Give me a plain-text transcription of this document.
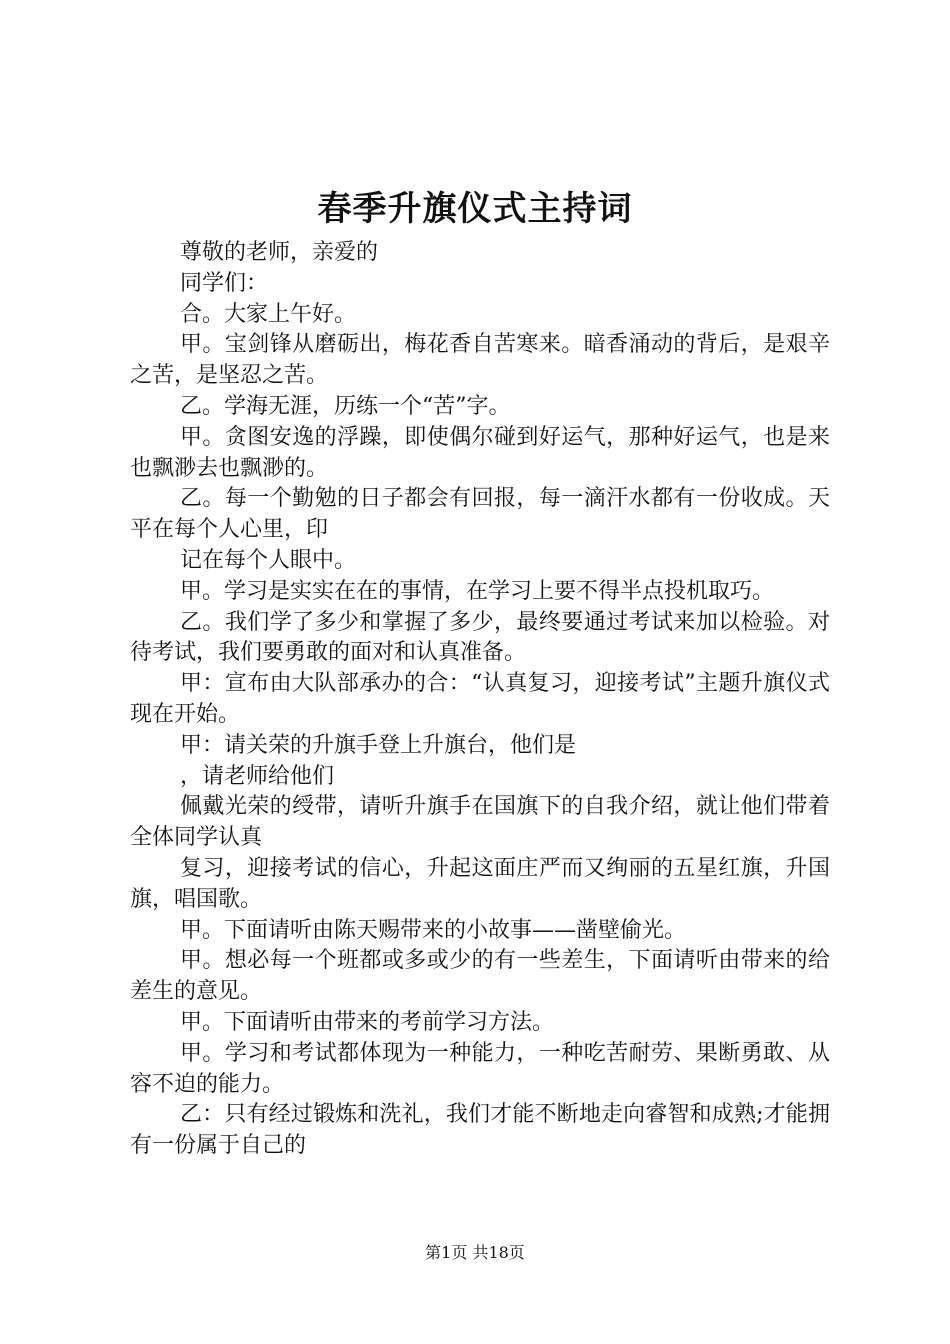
春季升旗仪式主持词

尊敬的老师，亲爱的

同学们：

合。大家上午好。

甲。宝剑锋从磨砺出，梅花香自苦寒来。暗香涌动的背后，是艰辛之苦，是坚忍之苦。

乙。学海无涯，历练一个“苦”字。

甲。贪图安逸的浮躁，即使偶尔碰到好运气，那种好运气，也是来也飘渺去也飘渺的。

乙。每一个勤勉的日子都会有回报，每一滴汗水都有一份收成。天平在每个人心里，印

记在每个人眼中。

甲。学习是实实在在的事情，在学习上要不得半点投机取巧。

乙。我们学了多少和掌握了多少，最终要通过考试来加以检验。对待考试，我们要勇敢的面对和认真准备。

甲：宣布由大队部承办的合：“认真复习，迎接考试”主题升旗仪式现在开始。

甲：请关荣的升旗手登上升旗台，他们是

，请老师给他们

佩戴光荣的绶带，请听升旗手在国旗下的自我介绍，就让他们带着全体同学认真

复习，迎接考试的信心，升起这面庄严而又绚丽的五星红旗，升国旗，唱国歌。

甲。下面请听由陈天赐带来的小故事——凿壁偷光。

甲。想必每一个班都或多或少的有一些差生，下面请听由带来的给差生的意见。

甲。下面请听由带来的考前学习方法。

甲。学习和考试都体现为一种能力，一种吃苦耐劳、果断勇敢、从容不迫的能力。

乙：只有经过锻炼和洗礼，我们才能不断地走向睿智和成熟;才能拥有一份属于自己的

第1页 共18页
